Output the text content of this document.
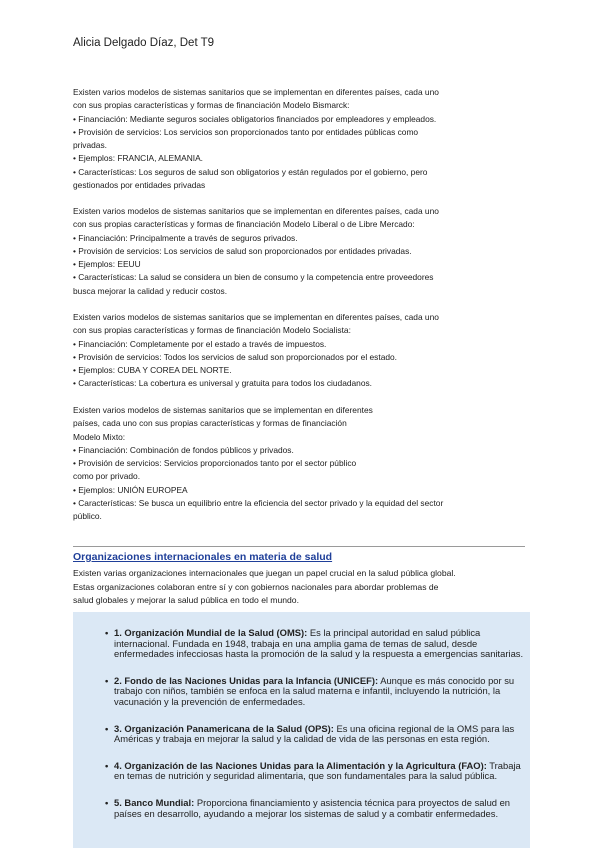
Alicia Delgado Díaz, Det T9

Existen varios modelos de sistemas sanitarios que se implementan en diferentes países, cada uno

con sus propias características y formas de financiación Modelo Bismarck:

• Financiación: Mediante seguros sociales obligatorios financiados por empleadores y empleados.

• Provisión de servicios: Los servicios son proporcionados tanto por entidades públicas como

privadas.

• Ejemplos: FRANCIA, ALEMANIA.

• Características: Los seguros de salud son obligatorios y están regulados por el gobierno, pero

gestionados por entidades privadas

Existen varios modelos de sistemas sanitarios que se implementan en diferentes países, cada uno

con sus propias características y formas de financiación Modelo Liberal o de Libre Mercado:

• Financiación: Principalmente a través de seguros privados.

• Provisión de servicios: Los servicios de salud son proporcionados por entidades privadas.

• Ejemplos: EEUU

• Características: La salud se considera un bien de consumo y la competencia entre proveedores

busca mejorar la calidad y reducir costos.

Existen varios modelos de sistemas sanitarios que se implementan en diferentes países, cada uno

con sus propias características y formas de financiación Modelo Socialista:

• Financiación: Completamente por el estado a través de impuestos.

• Provisión de servicios: Todos los servicios de salud son proporcionados por el estado.

• Ejemplos: CUBA Y COREA DEL NORTE.

• Características: La cobertura es universal y gratuita para todos los ciudadanos.

Existen varios modelos de sistemas sanitarios que se implementan en diferentes

países, cada uno con sus propias características y formas de financiación

Modelo Mixto:

• Financiación: Combinación de fondos públicos y privados.

• Provisión de servicios: Servicios proporcionados tanto por el sector público

como por privado.

• Ejemplos: UNIÓN EUROPEA

• Características: Se busca un equilibrio entre la eficiencia del sector privado y la equidad del sector

público.

Organizaciones internacionales en materia de salud

Existen varias organizaciones internacionales que juegan un papel crucial en la salud pública global.

Estas organizaciones colaboran entre sí y con gobiernos nacionales para abordar problemas de

salud globales y mejorar la salud pública en todo el mundo.

• 1. Organización Mundial de la Salud (OMS): Es la principal autoridad en salud pública internacional. Fundada en 1948, trabaja en una amplia gama de temas de salud, desde enfermedades infecciosas hasta la promoción de la salud y la respuesta a emergencias sanitarias.
• 2. Fondo de las Naciones Unidas para la Infancia (UNICEF): Aunque es más conocido por su trabajo con niños, también se enfoca en la salud materna e infantil, incluyendo la nutrición, la vacunación y la prevención de enfermedades.
• 3. Organización Panamericana de la Salud (OPS): Es una oficina regional de la OMS para las Américas y trabaja en mejorar la salud y la calidad de vida de las personas en esta región.
• 4. Organización de las Naciones Unidas para la Alimentación y la Agricultura (FAO): Trabaja en temas de nutrición y seguridad alimentaria, que son fundamentales para la salud pública.
• 5. Banco Mundial: Proporciona financiamiento y asistencia técnica para proyectos de salud en países en desarrollo, ayudando a mejorar los sistemas de salud y a combatir enfermedades.
